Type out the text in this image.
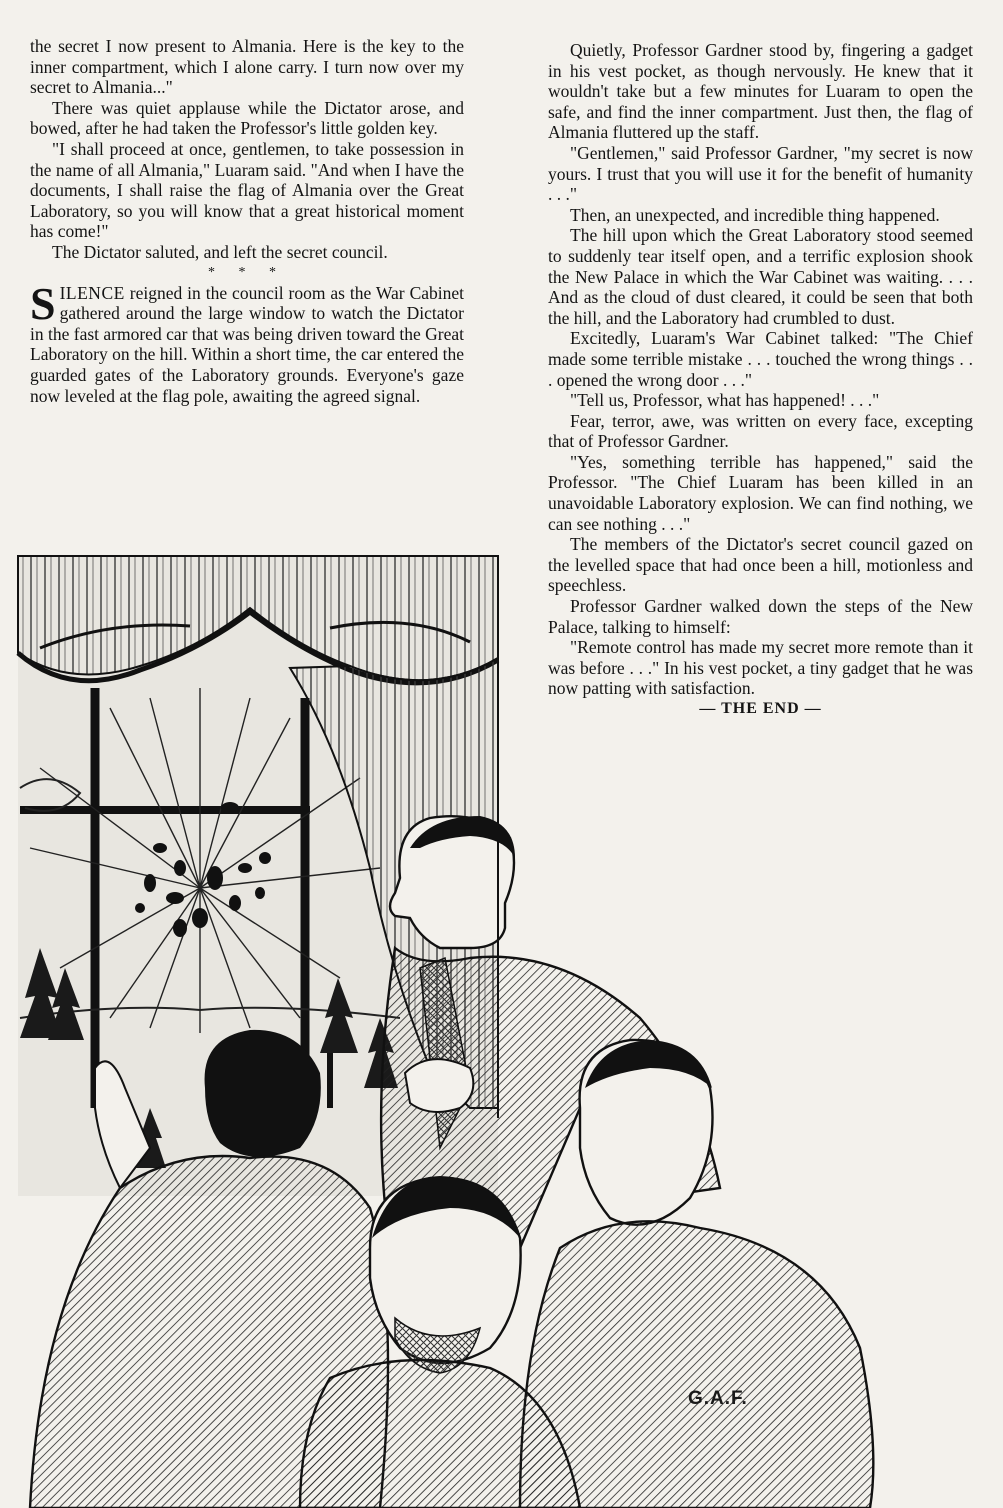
the secret I now present to Almania. Here is the key to the inner compartment, which I alone carry. I turn now over my secret to Almania..."

There was quiet applause while the Dictator arose, and bowed, after he had taken the Professor's little golden key.

"I shall proceed at once, gentlemen, to take possession in the name of all Almania," Luaram said. "And when I have the documents, I shall raise the flag of Almania over the Great Laboratory, so you will know that a great historical moment has come!"

The Dictator saluted, and left the secret council.

* * *

SILENCE reigned in the council room as the War Cabinet gathered around the large window to watch the Dictator in the fast armored car that was being driven toward the Great Laboratory on the hill. Within a short time, the car entered the guarded gates of the Laboratory grounds. Everyone's gaze now leveled at the flag pole, awaiting the agreed signal.

Quietly, Professor Gardner stood by, fingering a gadget in his vest pocket, as though nervously. He knew that it wouldn't take but a few minutes for Luaram to open the safe, and find the inner compartment. Just then, the flag of Almania fluttered up the staff.

"Gentlemen," said Professor Gardner, "my secret is now yours. I trust that you will use it for the benefit of humanity . . ."

Then, an unexpected, and incredible thing happened.

The hill upon which the Great Laboratory stood seemed to suddenly tear itself open, and a terrific explosion shook the New Palace in which the War Cabinet was waiting. . . . And as the cloud of dust cleared, it could be seen that both the hill, and the Laboratory had crumbled to dust.

Excitedly, Luaram's War Cabinet talked: "The Chief made some terrible mistake . . . touched the wrong things . . . opened the wrong door . . ."

"Tell us, Professor, what has happened! . . ."

Fear, terror, awe, was written on every face, excepting that of Professor Gardner.

"Yes, something terrible has happened," said the Professor. "The Chief Luaram has been killed in an unavoidable Laboratory explosion. We can find nothing, we can see nothing . . ."

The members of the Dictator's secret council gazed on the levelled space that had once been a hill, motionless and speechless.

Professor Gardner walked down the steps of the New Palace, talking to himself:

"Remote control has made my secret more remote than it was before . . ." In his vest pocket, a tiny gadget that he was now patting with satisfaction.

— THE END —

G.A.F.
